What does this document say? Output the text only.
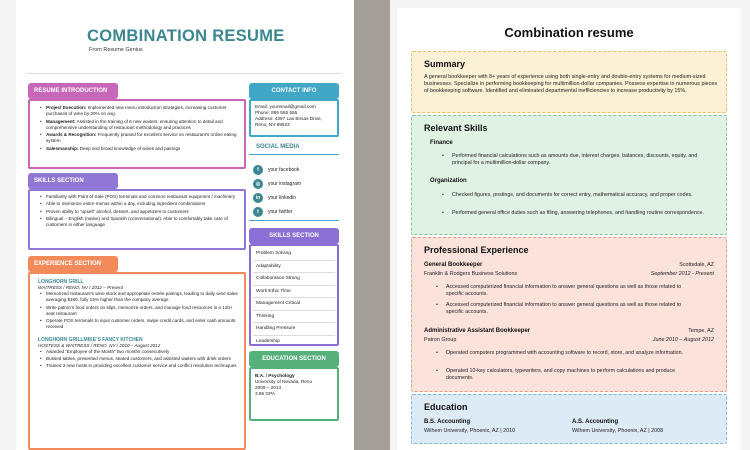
COMBINATION RESUME
From Resume Genius
RESUME INTRODUCTION
• Project Execution: Implemented new menu introduction strategies, increasing customer purchases of wine by 30% on avg.
• Management: Assisted in the training of 6 new waiters, ensuring attention to detail and comprehensive understanding of restaurant methodology and practices
• Awards & Recognition: Frequently praised for excellent service on restaurant’s online eating system
• Salesmanship: Deep and broad knowledge of wines and pairings
SKILLS SECTION
• Familiarity with Point of Sale (POS) terminals and common restaurant equipment / machinery
• Able to memorize entire menus within a day, including ingredient combinations
• Proven ability to “upsell” alcohol, dessert, and appetizers to customers
• Bilingual – English (native) and Spanish (conversational). Able to comfortably take care of customers in either language
EXPERIENCE SECTION
LONGHORN GRILL
WAITRESS / RENO, NV / 2012 – Present
• Memorized restaurant’s wine stock and appropriate entrée pairings, leading to daily wine sales averaging $180, fully 15% higher than the company average
• Write patron’s food orders on slips, memorize orders, and manage food resources in a 120+ seat restaurant
• Operate POS terminals to input customer orders, swipe credit cards, and enter cash amounts received
LONGHORN GRILLMIKE’S FANCY KITCHEN
HOSTESS & WAITRESS / RENO, NV / 2010 – August 2012
• Awarded “Employee of the Month” two months consecutively
• Bussed tables, presented menus, seated customers, and assisted waiters with drink orders
• Trained 3 new hosts in providing excellent customer service and conflict resolution techniques
CONTACT INFO
Email: youremail@gmail.com
Phone: 895 555 555
Address: 4397 Las Brisas Drive, Reno, NV 89523
SOCIAL MEDIA
f	your facebook
◎	your instagram
in	your linkedin
t	your twitter
SKILLS SECTION
Problem Solving
Adaptability
Collaboration Strong
Work Ethic Time
Management Critical
Thinking
Handling Pressure
Leadership
EDUCATION SECTION
B.A. / Psychology
University of Nevada, Reno
2009 – 2013
3.95 GPA
Combination resume
Summary
A general bookkeeper with 8+ years of experience using both single-entry and double-entry systems for medium-sized businesses. Specialize in performing bookkeeping for multimillion-dollar companies. Possess expertise in numerous pieces of bookkeeping software. Identified and eliminated departmental inefficiencies to increase productivity by 15%.
Relevant Skills
Finance
• Performed financial calculations such as amounts due, interest charges, balances, discounts, equity, and principal for a multimillion-dollar company.
Organization
• Checked figures, postings, and documents for correct entry, mathematical accuracy, and proper codes.
• Performed general office duties such as filing, answering telephones, and handling routine correspondence.
Professional Experience
General Bookkeeper	Scottsdale, AZ
Franklin & Rodgers Business Solutions	September 2012 - Present
• Accessed computerized financial information to answer general questions as well as those related to specific accounts.
• Accessed computerized financial information to answer general questions as well as those related to specific accounts.
Administrative Assistant Bookkeeper	Tempe, AZ
Patron Group	June 2010 – August 2012
• Operated computers programmed with accounting software to record, store, and analyze information.
• Operated 10-key calculators, typewriters, and copy machines to perform calculations and produce documents.
Education
B.S. Accounting
Wilhem University, Phoenix, AZ | 2010
A.S. Accounting
Wilhem University, Phoenix, AZ | 2008
